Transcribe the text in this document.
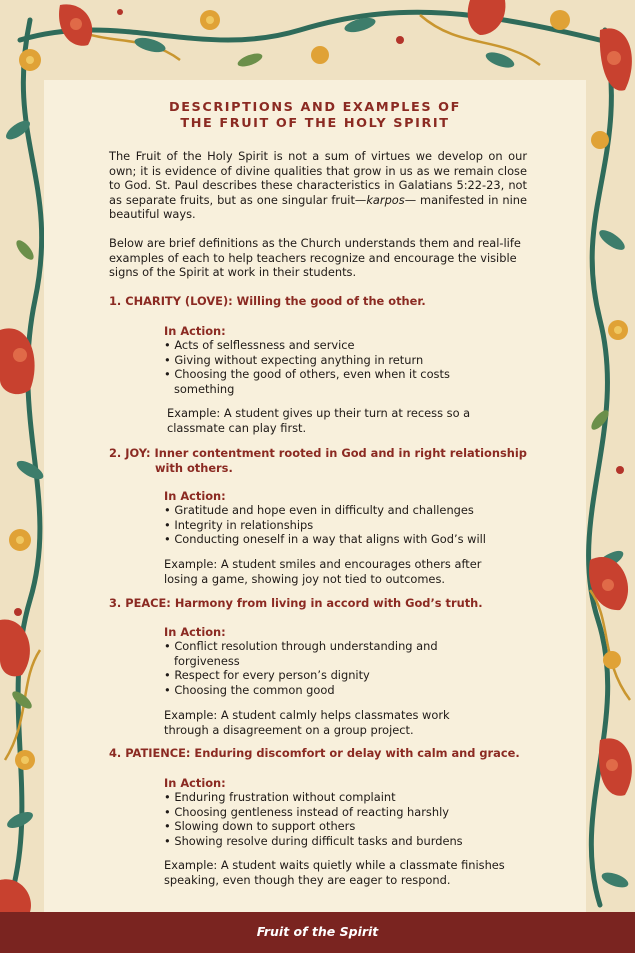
DESCRIPTIONS AND EXAMPLES OF
THE FRUIT OF THE HOLY SPIRIT
The Fruit of the Holy Spirit is not a sum of virtues we develop on our own; it is evidence of divine qualities that grow in us as we remain close to God. St. Paul describes these characteristics in Galatians 5:22-23, not as separate fruits, but as one singular fruit—karpos— manifested in nine beautiful ways.
Below are brief definitions as the Church understands them and real-life examples of each to help teachers recognize and encourage the visible signs of the Spirit at work in their students.
1. CHARITY (LOVE): Willing the good of the other.
In Action:
• Acts of selflessness and service
• Giving without expecting anything in return
• Choosing the good of others, even when it costs something
Example: A student gives up their turn at recess so a classmate can play first.
2. JOY: Inner contentment rooted in God and in right relationship
with others.
In Action:
• Gratitude and hope even in difficulty and challenges
• Integrity in relationships
• Conducting oneself in a way that aligns with God’s will
Example: A student smiles and encourages others after losing a game, showing joy not tied to outcomes.
3. PEACE: Harmony from living in accord with God’s truth.
In Action:
• Conflict resolution through understanding and forgiveness
• Respect for every person’s dignity
• Choosing the common good
Example: A student calmly helps classmates work through a disagreement on a group project.
4. PATIENCE: Enduring discomfort or delay with calm and grace.
In Action:
• Enduring frustration without complaint
• Choosing gentleness instead of reacting harshly
• Slowing down to support others
• Showing resolve during difficult tasks and burdens
Example: A student waits quietly while a classmate finishes speaking, even though they are eager to respond.
Fruit of the Spirit
